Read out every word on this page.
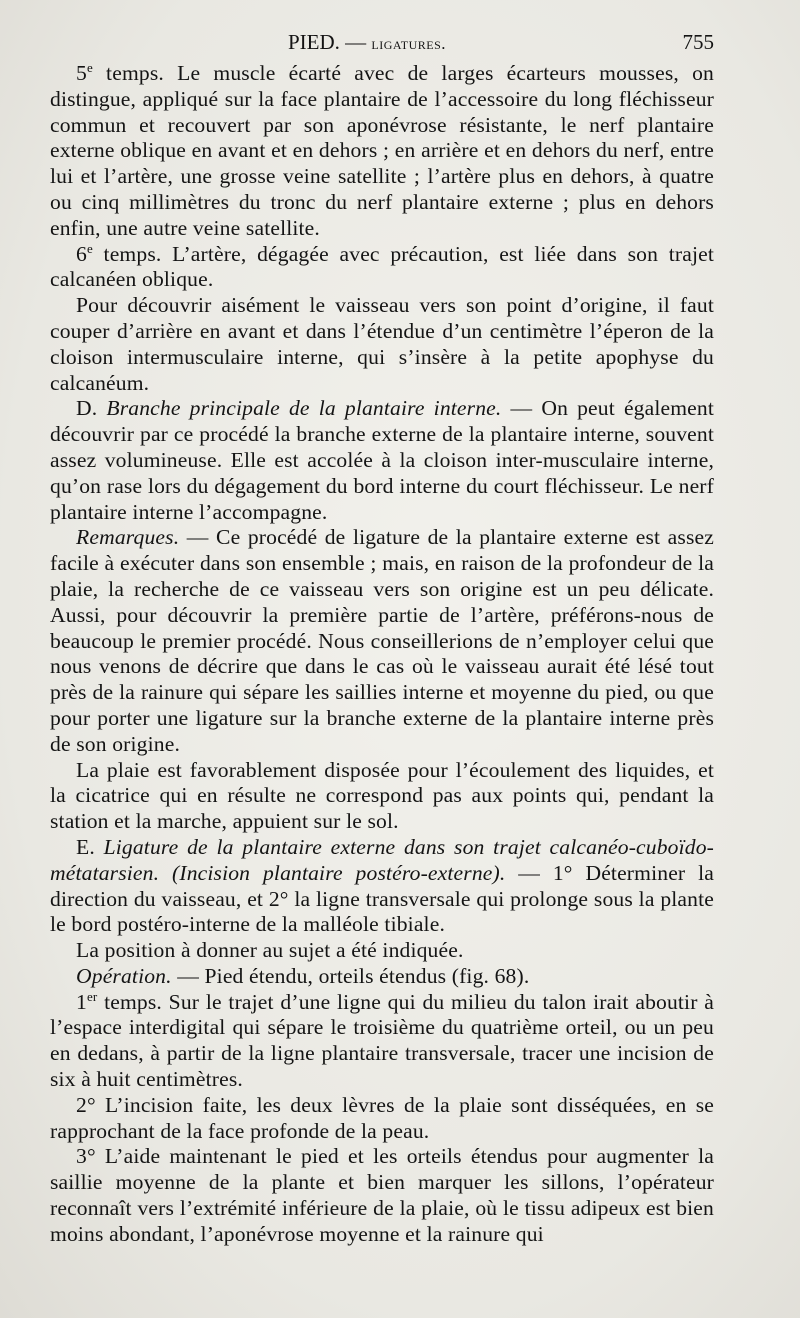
PIED. — ligatures.	755

5e temps. Le muscle écarté avec de larges écarteurs mousses, on distingue, appliqué sur la face plantaire de l’accessoire du long fléchisseur commun et recouvert par son aponévrose résistante, le nerf plantaire externe oblique en avant et en dehors ; en arrière et en dehors du nerf, entre lui et l’artère, une grosse veine satellite ; l’artère plus en dehors, à quatre ou cinq millimètres du tronc du nerf plantaire externe ; plus en dehors enfin, une autre veine satellite.

6e temps. L’artère, dégagée avec précaution, est liée dans son trajet calcanéen oblique.

Pour découvrir aisément le vaisseau vers son point d’origine, il faut couper d’arrière en avant et dans l’étendue d’un centimètre l’éperon de la cloison intermusculaire interne, qui s’insère à la petite apophyse du calcanéum.

D. Branche principale de la plantaire interne. — On peut également découvrir par ce procédé la branche externe de la plantaire interne, souvent assez volumineuse. Elle est accolée à la cloison inter-musculaire interne, qu’on rase lors du dégagement du bord interne du court fléchisseur. Le nerf plantaire interne l’accompagne.

Remarques. — Ce procédé de ligature de la plantaire externe est assez facile à exécuter dans son ensemble ; mais, en raison de la profondeur de la plaie, la recherche de ce vaisseau vers son origine est un peu délicate. Aussi, pour découvrir la première partie de l’artère, préférons-nous de beaucoup le premier procédé. Nous conseillerions de n’employer celui que nous venons de décrire que dans le cas où le vaisseau aurait été lésé tout près de la rainure qui sépare les saillies interne et moyenne du pied, ou que pour porter une ligature sur la branche externe de la plantaire interne près de son origine.

La plaie est favorablement disposée pour l’écoulement des liquides, et la cicatrice qui en résulte ne correspond pas aux points qui, pendant la station et la marche, appuient sur le sol.

E. Ligature de la plantaire externe dans son trajet calcanéo-cuboïdo-métatarsien. (Incision plantaire postéro-externe). — 1° Déterminer la direction du vaisseau, et 2° la ligne transversale qui prolonge sous la plante le bord postéro-interne de la malléole tibiale.

La position à donner au sujet a été indiquée.

Opération. — Pied étendu, orteils étendus (fig. 68).

1er temps. Sur le trajet d’une ligne qui du milieu du talon irait aboutir à l’espace interdigital qui sépare le troisième du quatrième orteil, ou un peu en dedans, à partir de la ligne plantaire transversale, tracer une incision de six à huit centimètres.

2° L’incision faite, les deux lèvres de la plaie sont disséquées, en se rapprochant de la face profonde de la peau.

3° L’aide maintenant le pied et les orteils étendus pour augmenter la saillie moyenne de la plante et bien marquer les sillons, l’opérateur reconnaît vers l’extrémité inférieure de la plaie, où le tissu adipeux est bien moins abondant, l’aponévrose moyenne et la rainure qui
